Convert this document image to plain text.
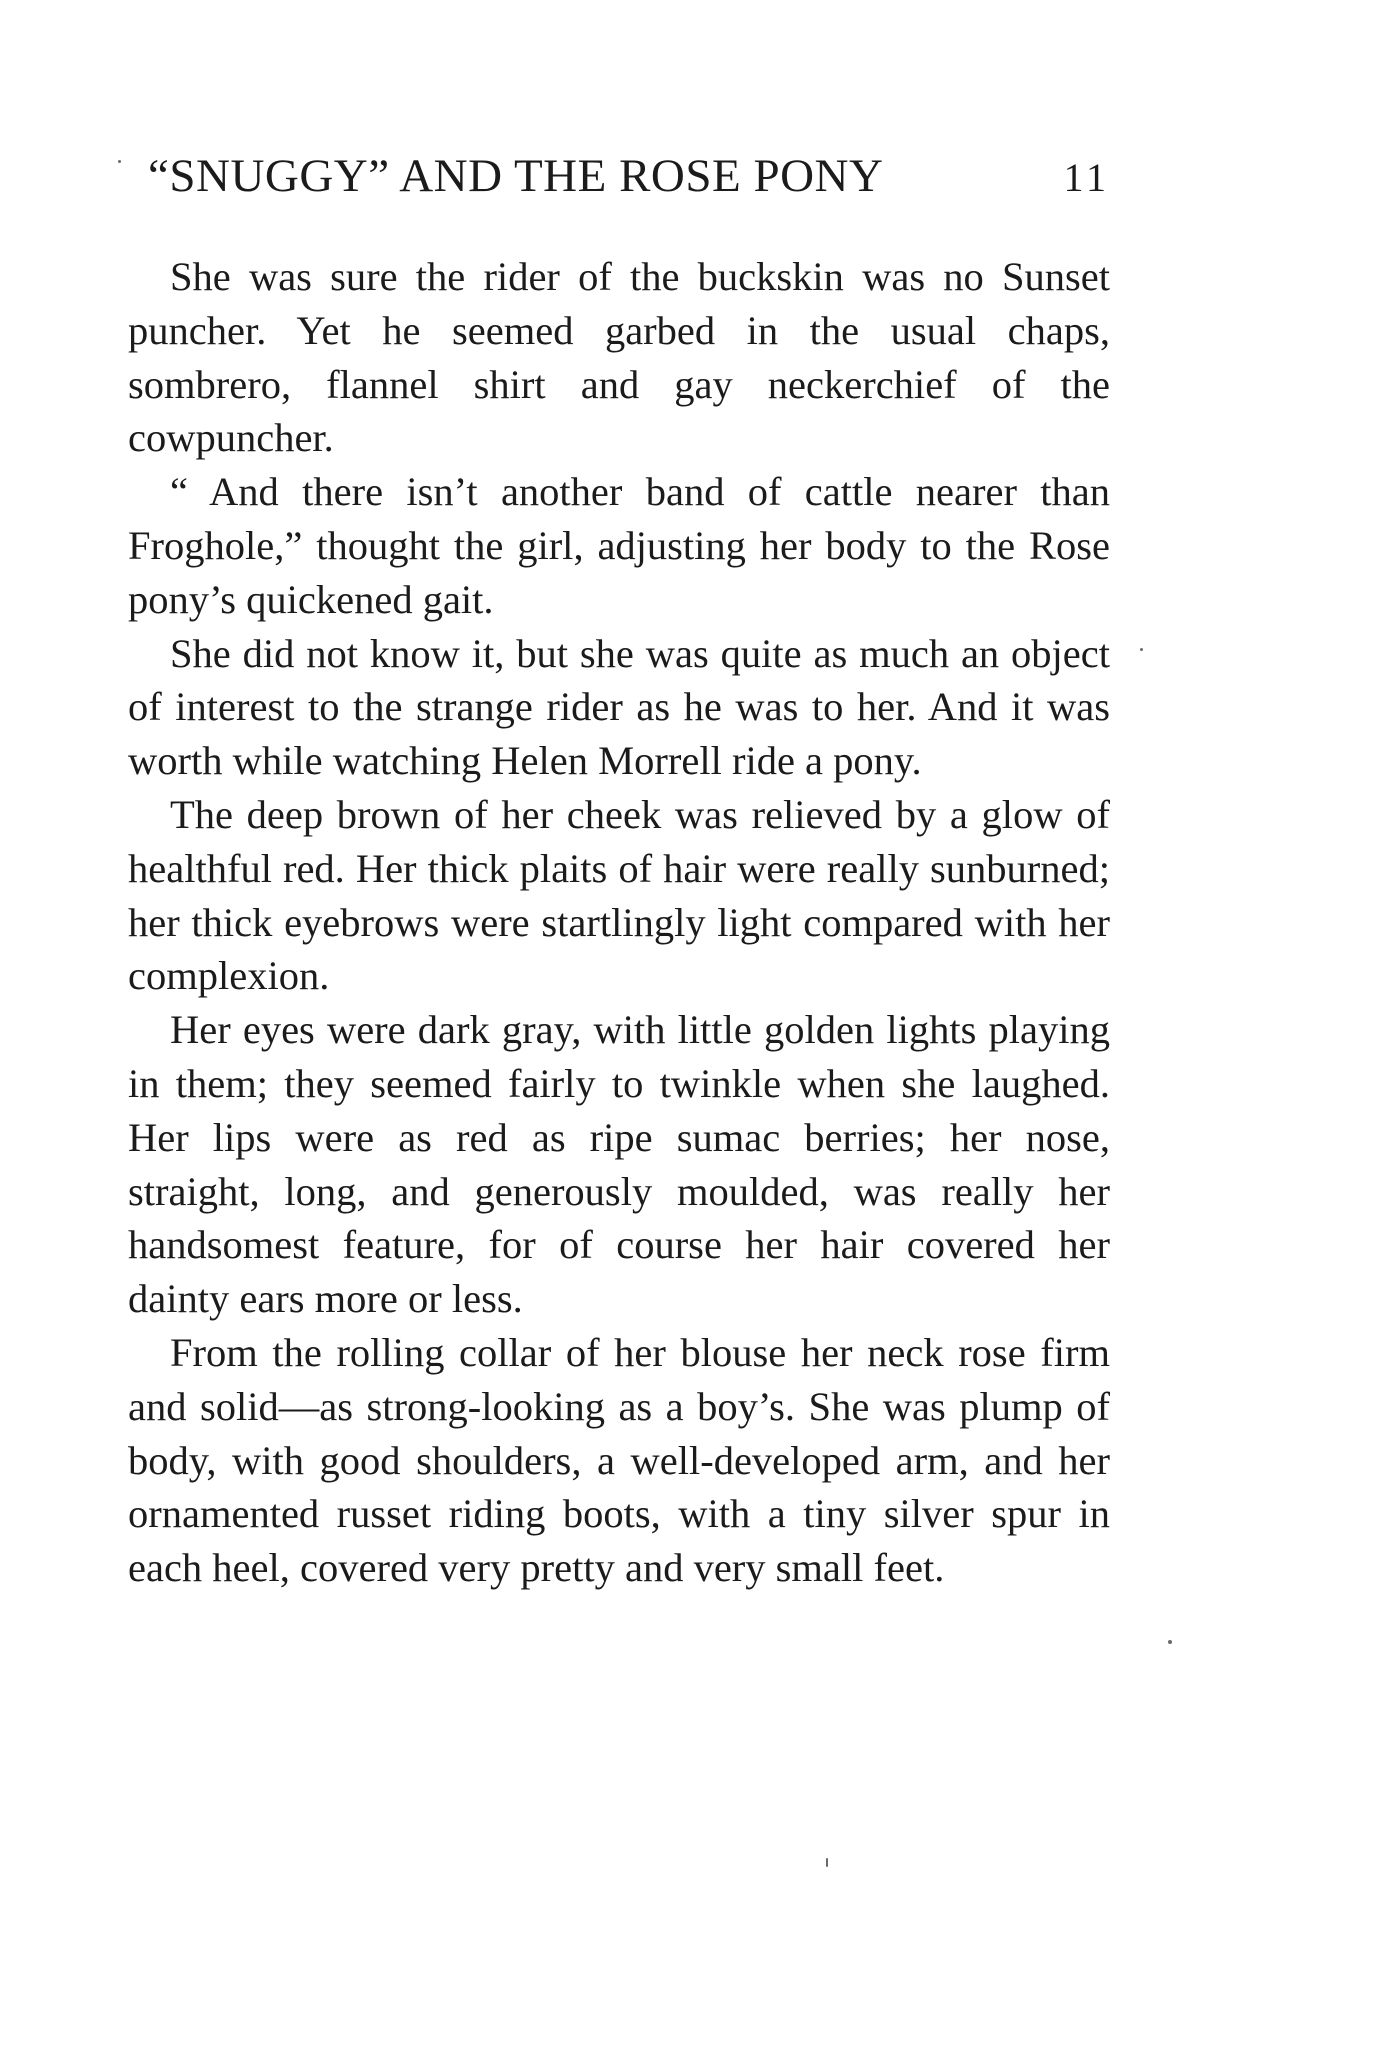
“SNUGGY” AND THE ROSE PONY	11

She was sure the rider of the buckskin was no Sunset puncher. Yet he seemed garbed in the usual chaps, sombrero, flannel shirt and gay neckerchief of the cowpuncher.

“ And there isn’t another band of cattle nearer than Froghole,” thought the girl, adjusting her body to the Rose pony’s quickened gait.

She did not know it, but she was quite as much an object of interest to the strange rider as he was to her. And it was worth while watching Helen Morrell ride a pony.

The deep brown of her cheek was relieved by a glow of healthful red. Her thick plaits of hair were really sunburned; her thick eyebrows were startlingly light compared with her complexion.

Her eyes were dark gray, with little golden lights playing in them; they seemed fairly to twinkle when she laughed. Her lips were as red as ripe sumac berries; her nose, straight, long, and generously moulded, was really her handsomest feature, for of course her hair covered her dainty ears more or less.

From the rolling collar of her blouse her neck rose firm and solid—as strong-looking as a boy’s. She was plump of body, with good shoulders, a well-developed arm, and her ornamented russet riding boots, with a tiny silver spur in each heel, covered very pretty and very small feet.
